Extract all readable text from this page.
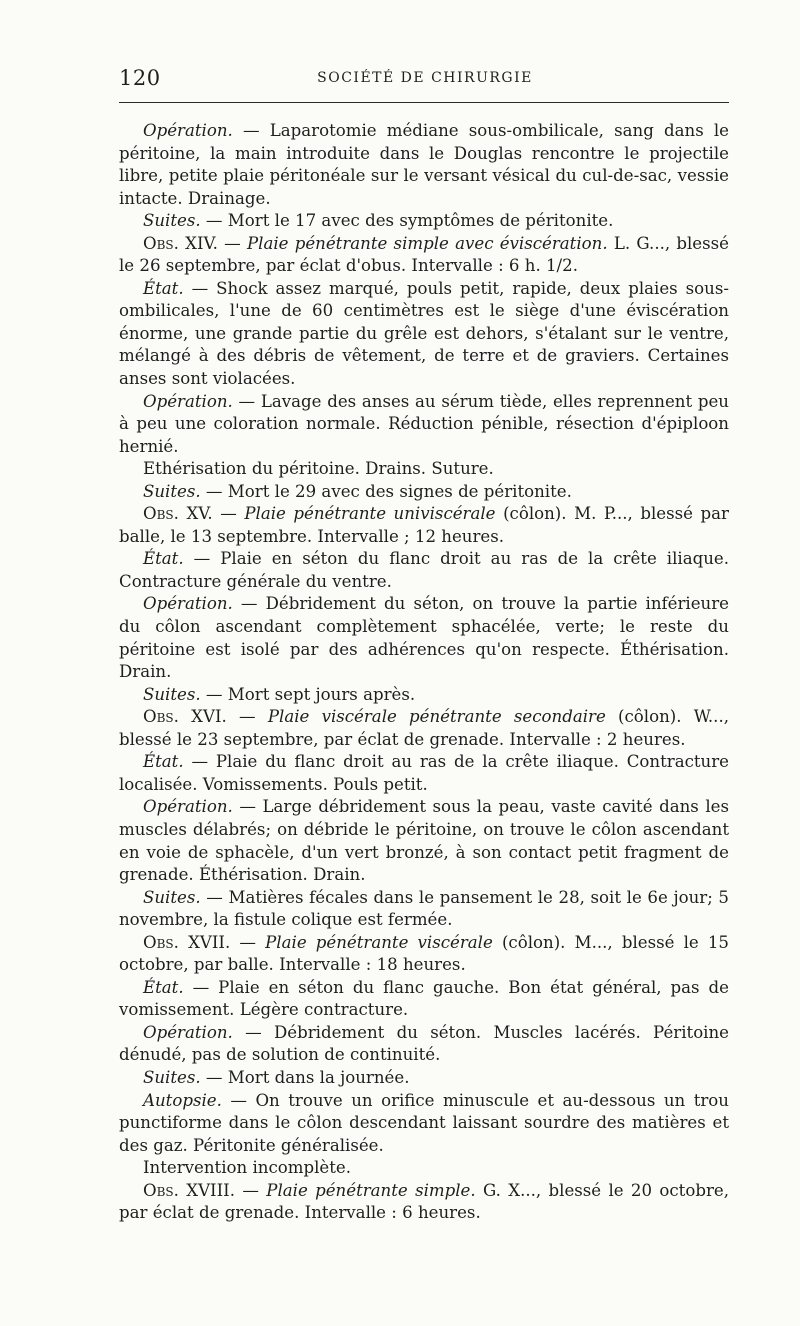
120	SOCIÉTÉ DE CHIRURGIE

Opération. — Laparotomie médiane sous-ombilicale, sang dans le péritoine, la main introduite dans le Douglas rencontre le projectile libre, petite plaie péritonéale sur le versant vésical du cul-de-sac, vessie intacte. Drainage.

Suites. — Mort le 17 avec des symptômes de péritonite.

Obs. XIV. — Plaie pénétrante simple avec éviscération. L. G..., blessé le 26 septembre, par éclat d'obus. Intervalle : 6 h. 1/2.

État. — Shock assez marqué, pouls petit, rapide, deux plaies sous-ombilicales, l'une de 60 centimètres est le siège d'une éviscération énorme, une grande partie du grêle est dehors, s'étalant sur le ventre, mélangé à des débris de vêtement, de terre et de graviers. Certaines anses sont violacées.

Opération. — Lavage des anses au sérum tiède, elles reprennent peu à peu une coloration normale. Réduction pénible, résection d'épiploon hernié.

Ethérisation du péritoine. Drains. Suture.

Suites. — Mort le 29 avec des signes de péritonite.

Obs. XV. — Plaie pénétrante univiscérale (côlon). M. P..., blessé par balle, le 13 septembre. Intervalle ; 12 heures.

État. — Plaie en séton du flanc droit au ras de la crête iliaque. Contracture générale du ventre.

Opération. — Débridement du séton, on trouve la partie inférieure du côlon ascendant complètement sphacélée, verte; le reste du péritoine est isolé par des adhérences qu'on respecte. Éthérisation. Drain.

Suites. — Mort sept jours après.

Obs. XVI. — Plaie viscérale pénétrante secondaire (côlon). W..., blessé le 23 septembre, par éclat de grenade. Intervalle : 2 heures.

État. — Plaie du flanc droit au ras de la crête iliaque. Contracture localisée. Vomissements. Pouls petit.

Opération. — Large débridement sous la peau, vaste cavité dans les muscles délabrés; on débride le péritoine, on trouve le côlon ascendant en voie de sphacèle, d'un vert bronzé, à son contact petit fragment de grenade. Éthérisation. Drain.

Suites. — Matières fécales dans le pansement le 28, soit le 6e jour; 5 novembre, la fistule colique est fermée.

Obs. XVII. — Plaie pénétrante viscérale (côlon). M..., blessé le 15 octobre, par balle. Intervalle : 18 heures.

État. — Plaie en séton du flanc gauche. Bon état général, pas de vomissement. Légère contracture.

Opération. — Débridement du séton. Muscles lacérés. Péritoine dénudé, pas de solution de continuité.

Suites. — Mort dans la journée.

Autopsie. — On trouve un orifice minuscule et au-dessous un trou punctiforme dans le côlon descendant laissant sourdre des matières et des gaz. Péritonite généralisée.

Intervention incomplète.

Obs. XVIII. — Plaie pénétrante simple. G. X..., blessé le 20 octobre, par éclat de grenade. Intervalle : 6 heures.
